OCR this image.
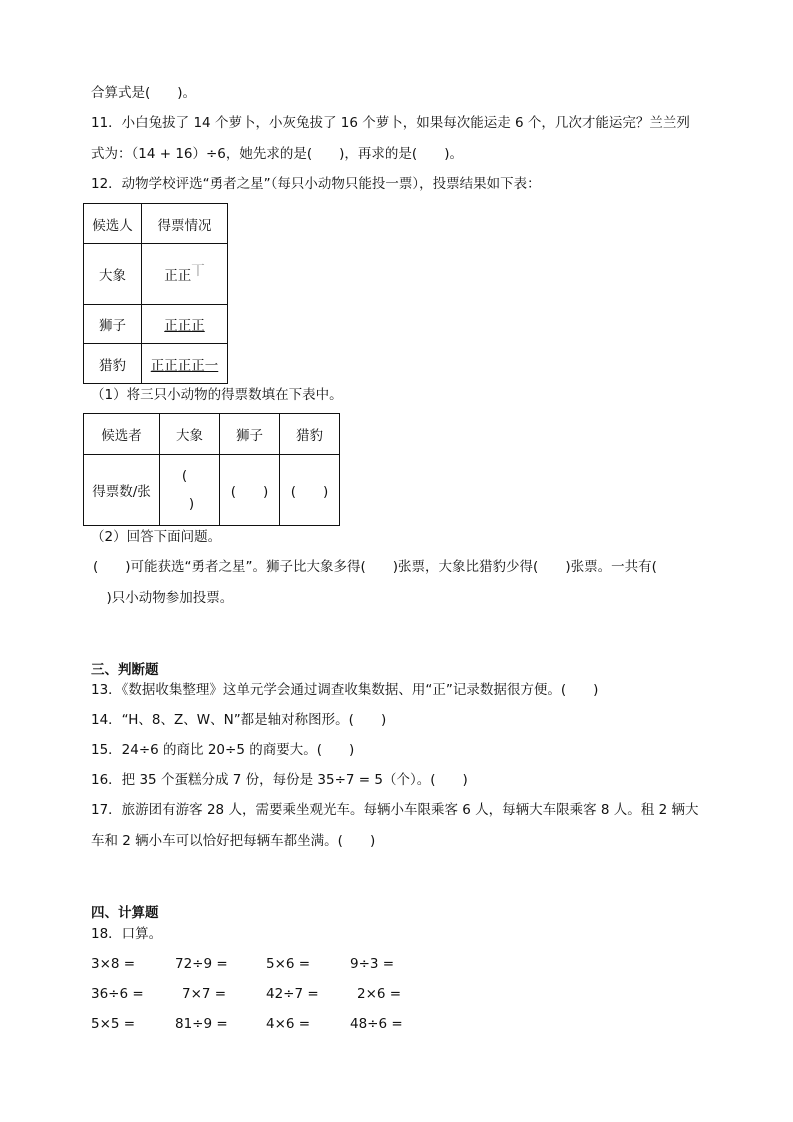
合算式是(　　)。
11．小白兔拔了 14 个萝卜，小灰兔拔了 16 个萝卜，如果每次能运走 6 个，几次才能运完？兰兰列
式为：（14 + 16）÷6，她先求的是(　　)，再求的是(　　)。
12．动物学校评选“勇者之星”（每只小动物只能投一票），投票结果如下表：
候选人	得票情况
大象	正正丅
狮子	正正正
猎豹	正正正正一
（1）将三只小动物的得票数填在下表中。
候选者	大象	狮子	猎豹
得票数/张	(
)	(　　)	(　　)
（2）回答下面问题。
(　　)可能获选“勇者之星”。狮子比大象多得(　　)张票，大象比猎豹少得(　　)张票。一共有(
　)只小动物参加投票。
三、判断题
13．《数据收集整理》这单元学会通过调查收集数据、用“正”记录数据很方便。(　　)
14．“H、8、Z、W、N”都是轴对称图形。(　　)
15．24÷6 的商比 20÷5 的商要大。(　　)
16．把 35 个蛋糕分成 7 份，每份是 35÷7 = 5（个）。(　　)
17．旅游团有游客 28 人，需要乘坐观光车。每辆小车限乘客 6 人，每辆大车限乘客 8 人。租 2 辆大
车和 2 辆小车可以恰好把每辆车都坐满。(　　)
四、计算题
18．口算。
3×8 =	72÷9 =	5×6 =	9÷3 =
36÷6 =	7×7 =	42÷7 =	2×6 =
5×5 =	81÷9 =	4×6 =	48÷6 =
